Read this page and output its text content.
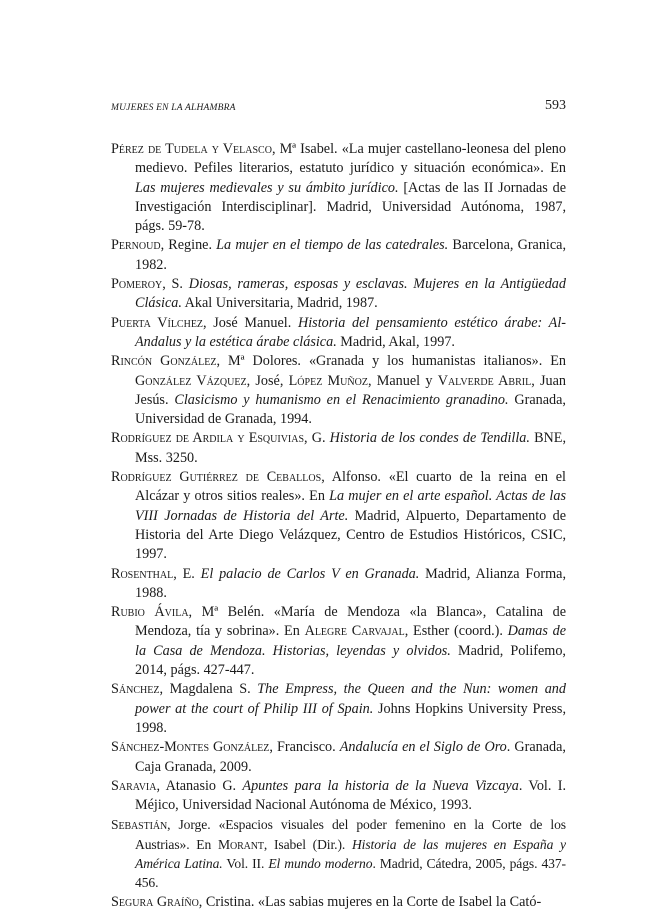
MUJERES EN LA ALHAMBRA	593

Pérez de Tudela y Velasco, Mª Isabel. «La mujer castellano-leonesa del pleno medievo. Pefiles literarios, estatuto jurídico y situación económica». En Las mujeres medievales y su ámbito jurídico. [Actas de las II Jornadas de Investigación Interdisciplinar]. Madrid, Universidad Autónoma, 1987, págs. 59-78.

Pernoud, Regine. La mujer en el tiempo de las catedrales. Barcelona, Granica, 1982.

Pomeroy, S. Diosas, rameras, esposas y esclavas. Mujeres en la Antigüedad Clásica. Akal Universitaria, Madrid, 1987.

Puerta Vílchez, José Manuel. Historia del pensamiento estético árabe: Al-Andalus y la estética árabe clásica. Madrid, Akal, 1997.

Rincón González, Mª Dolores. «Granada y los humanistas italianos». En González Vázquez, José, López Muñoz, Manuel y Valverde Abril, Juan Jesús. Clasicismo y humanismo en el Renacimiento granadino. Granada, Universidad de Granada, 1994.

Rodríguez de Ardila y Esquivias, G. Historia de los condes de Tendilla. BNE, Mss. 3250.

Rodríguez Gutiérrez de Ceballos, Alfonso. «El cuarto de la reina en el Alcázar y otros sitios reales». En La mujer en el arte español. Actas de las VIII Jornadas de Historia del Arte. Madrid, Alpuerto, Departamento de Historia del Arte Diego Velázquez, Centro de Estudios Históricos, CSIC, 1997.

Rosenthal, E. El palacio de Carlos V en Granada. Madrid, Alianza Forma, 1988.

Rubio Ávila, Mª Belén. «María de Mendoza «la Blanca», Catalina de Mendoza, tía y sobrina». En Alegre Carvajal, Esther (coord.). Damas de la Casa de Mendoza. Historias, leyendas y olvidos. Madrid, Polifemo, 2014, págs. 427-447.

Sánchez, Magdalena S. The Empress, the Queen and the Nun: women and power at the court of Philip III of Spain. Johns Hopkins University Press, 1998.

Sánchez-Montes González, Francisco. Andalucía en el Siglo de Oro. Granada, Caja Granada, 2009.

Saravia, Atanasio G. Apuntes para la historia de la Nueva Vizcaya. Vol. I. Méjico, Universidad Nacional Autónoma de México, 1993.

Sebastián, Jorge. «Espacios visuales del poder femenino en la Corte de los Austrias». En Morant, Isabel (Dir.). Historia de las mujeres en España y América Latina. Vol. II. El mundo moderno. Madrid, Cátedra, 2005, págs. 437-456.

Segura Graíño, Cristina. «Las sabias mujeres en la Corte de Isabel la Cató-
